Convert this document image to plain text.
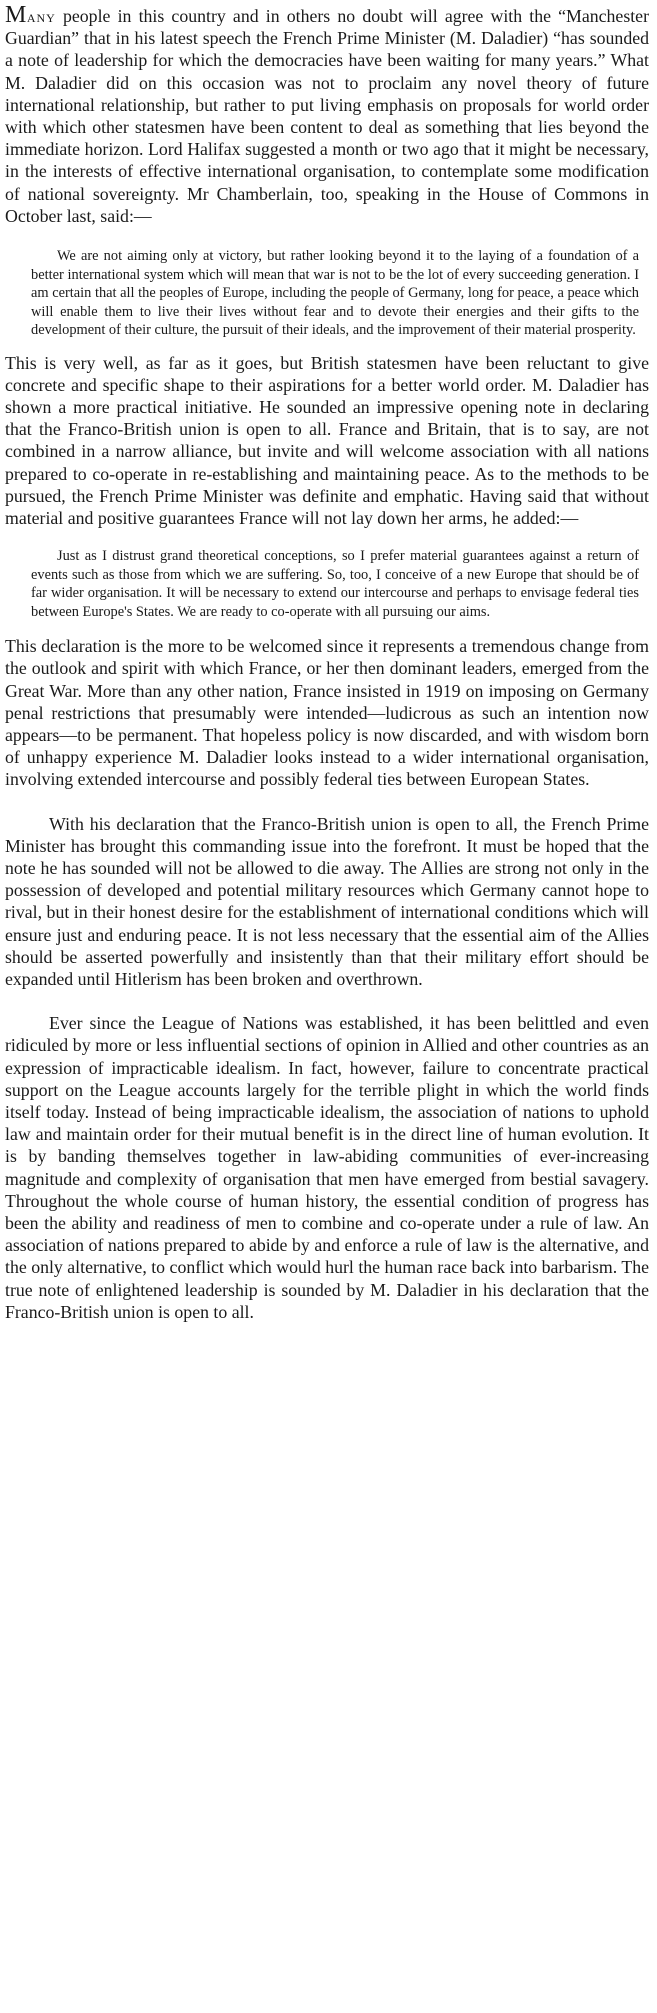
Many people in this country and in others no doubt will agree with the “Manchester Guardian” that in his latest speech the French Prime Minister (M. Daladier) “has sounded a note of leadership for which the democracies have been waiting for many years.” What M. Daladier did on this occasion was not to proclaim any novel theory of future international relationship, but rather to put living emphasis on proposals for world order with which other statesmen have been content to deal as something that lies beyond the immediate horizon. Lord Halifax suggested a month or two ago that it might be necessary, in the interests of effective international organisation, to contemplate some modification of national sovereignty. Mr Chamberlain, too, speaking in the House of Commons in October last, said:—

We are not aiming only at victory, but rather looking beyond it to the laying of a foundation of a better international system which will mean that war is not to be the lot of every succeeding generation. I am certain that all the peoples of Europe, including the people of Germany, long for peace, a peace which will enable them to live their lives without fear and to devote their energies and their gifts to the development of their culture, the pursuit of their ideals, and the improvement of their material prosperity.

This is very well, as far as it goes, but British statesmen have been reluctant to give concrete and specific shape to their aspirations for a better world order. M. Daladier has shown a more practical initiative. He sounded an impressive opening note in declaring that the Franco-British union is open to all. France and Britain, that is to say, are not combined in a narrow alliance, but invite and will welcome association with all nations prepared to co-operate in re-establishing and maintaining peace. As to the methods to be pursued, the French Prime Minister was definite and emphatic. Having said that without material and positive guarantees France will not lay down her arms, he added:—

Just as I distrust grand theoretical conceptions, so I prefer material guarantees against a return of events such as those from which we are suffering. So, too, I conceive of a new Europe that should be of far wider organisation. It will be necessary to extend our intercourse and perhaps to envisage federal ties between Europe's States. We are ready to co-operate with all pursuing our aims.

This declaration is the more to be welcomed since it represents a tremendous change from the outlook and spirit with which France, or her then dominant leaders, emerged from the Great War. More than any other nation, France insisted in 1919 on imposing on Germany penal restrictions that presumably were intended—ludicrous as such an intention now appears—to be permanent. That hopeless policy is now discarded, and with wisdom born of unhappy experience M. Daladier looks instead to a wider international organisation, involving extended intercourse and possibly federal ties between European States.

With his declaration that the Franco-British union is open to all, the French Prime Minister has brought this commanding issue into the forefront. It must be hoped that the note he has sounded will not be allowed to die away. The Allies are strong not only in the possession of developed and potential military resources which Germany cannot hope to rival, but in their honest desire for the establishment of international conditions which will ensure just and enduring peace. It is not less necessary that the essential aim of the Allies should be asserted powerfully and insistently than that their military effort should be expanded until Hitlerism has been broken and overthrown.

Ever since the League of Nations was established, it has been belittled and even ridiculed by more or less influential sections of opinion in Allied and other countries as an expression of impracticable idealism. In fact, however, failure to concentrate practical support on the League accounts largely for the terrible plight in which the world finds itself today. Instead of being impracticable idealism, the association of nations to uphold law and maintain order for their mutual benefit is in the direct line of human evolution. It is by banding themselves together in law-abiding communities of ever-increasing magnitude and complexity of organisation that men have emerged from bestial savagery. Throughout the whole course of human history, the essential condition of progress has been the ability and readiness of men to combine and co-operate under a rule of law. An association of nations prepared to abide by and enforce a rule of law is the alternative, and the only alternative, to conflict which would hurl the human race back into barbarism. The true note of enlightened leadership is sounded by M. Daladier in his declaration that the Franco-British union is open to all.
